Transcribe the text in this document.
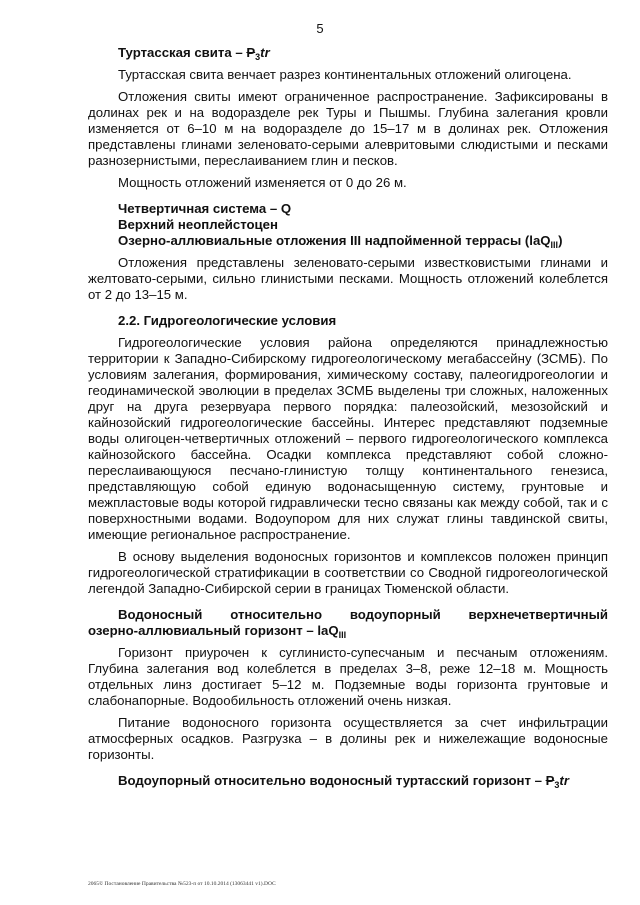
5

Туртасская свита – $Р_3tr$

Туртасская свита венчает разрез континентальных отложений олигоцена.

Отложения свиты имеют ограниченное распространение. Зафиксированы в долинах рек и на водоразделе рек Туры и Пышмы. Глубина залегания кровли изменяется от 6–10 м на водоразделе до 15–17 м в долинах рек. Отложения представлены глинами зеленовато-серыми алевритовыми слюдистыми и песками разнозернистыми, переслаиванием глин и песков.

Мощность отложений изменяется от 0 до 26 м.

Четвертичная система – Q

Верхний неоплейстоцен

Озерно-аллювиальные отложения III надпойменной террасы (laQ$_{III}$)

Отложения представлены зеленовато-серыми известковистыми глинами и желтовато-серыми, сильно глинистыми песками. Мощность отложений колеблется от 2 до 13–15 м.

2.2. Гидрогеологические условия

Гидрогеологические условия района определяются принадлежностью территории к Западно-Сибирскому гидрогеологическому мегабассейну (ЗСМБ). По условиям залегания, формирования, химическому составу, палеогидрогеологии и геодинамической эволюции в пределах ЗСМБ выделены три сложных, наложенных друг на друга резервуара первого порядка: палеозойский, мезозойский и кайнозойский гидрогеологические бассейны. Интерес представляют подземные воды олигоцен-четвертичных отложений – первого гидрогеологического комплекса кайнозойского бассейна. Осадки комплекса представляют собой сложно-переслаивающуюся песчано-глинистую толщу континентального генезиса, представляющую собой единую водонасыщенную систему, грунтовые и межпластовые воды которой гидравлически тесно связаны как между собой, так и с поверхностными водами. Водоупором для них служат глины тавдинской свиты, имеющие региональное распространение.

В основу выделения водоносных горизонтов и комплексов положен принцип гидрогеологической стратификации в соответствии со Сводной гидрогеологической легендой Западно-Сибирской серии в границах Тюменской области.

Водоносный относительно водоупорный верхнечетвертичный

озерно-аллювиальный горизонт – laQ$_{III}$

Горизонт приурочен к суглинисто-супесчаным и песчаным отложениям. Глубина залегания вод колеблется в пределах 3–8, реже 12–18 м. Мощность отдельных линз достигает 5–12 м. Подземные воды горизонта грунтовые и слабонапорные. Водообильность отложений очень низкая.

Питание водоносного горизонта осуществляется за счет инфильтрации атмосферных осадков. Разгрузка – в долины рек и нижележащие водоносные горизонты.

Водоупорный относительно водоносный туртасский горизонт – $Р_3tr$

2065© Постановление Правительства №523-п от 10.10.2014 (13063441 v1).DOC
